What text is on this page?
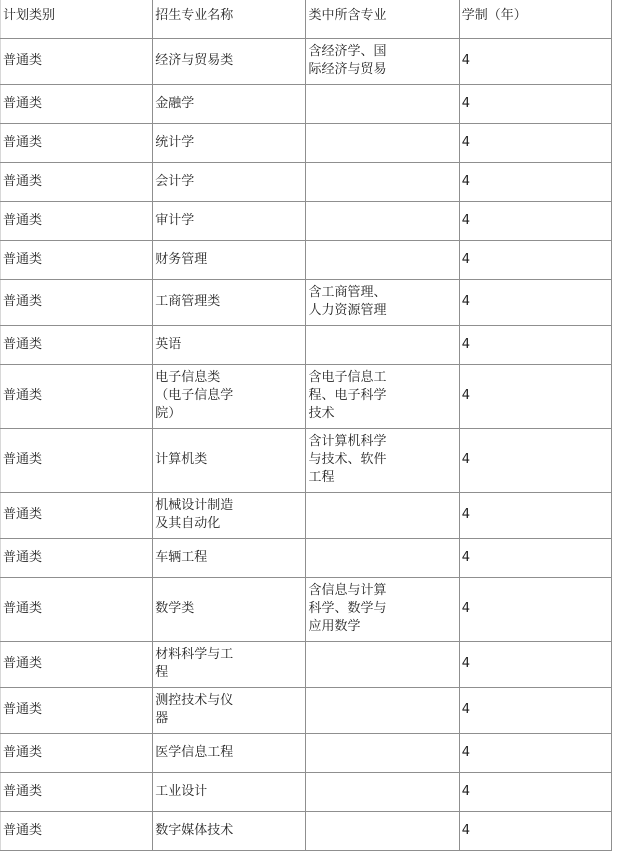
计划类别	招生专业名称	类中所含专业	学制（年）
普通类	经济与贸易类	含经济学、国际经济与贸易	4
普通类	金融学		4
普通类	统计学		4
普通类	会计学		4
普通类	审计学		4
普通类	财务管理		4
普通类	工商管理类	含工商管理、人力资源管理	4
普通类	英语		4
普通类	电子信息类（电子信息学院）	含电子信息工程、电子科学技术	4
普通类	计算机类	含计算机科学与技术、软件工程	4
普通类	机械设计制造及其自动化		4
普通类	车辆工程		4
普通类	数学类	含信息与计算科学、数学与应用数学	4
普通类	材料科学与工程		4
普通类	测控技术与仪器		4
普通类	医学信息工程		4
普通类	工业设计		4
普通类	数字媒体技术		4
